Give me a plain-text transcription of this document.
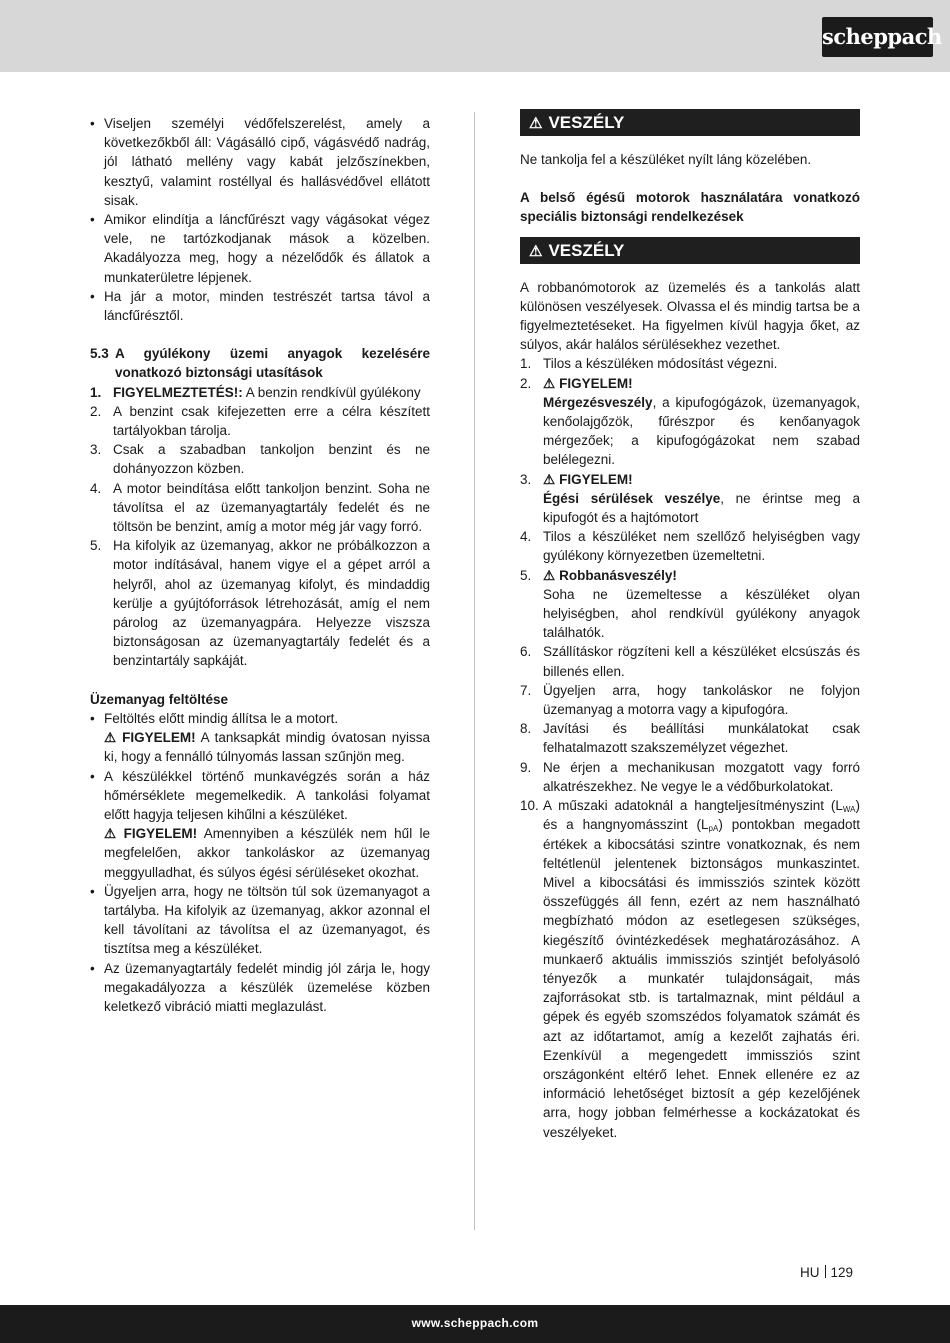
scheppach
• Viseljen személyi védőfelszerelést, amely a következőkből áll: Vágásálló cipő, vágásvédő nadrág, jól látható mellény vagy kabát jelzőszínekben, kesztyű, valamint rostéllyal és hallásvédővel ellátott sisak.
• Amikor elindítja a láncfűrészt vagy vágásokat végez vele, ne tartózkodjanak mások a közelben. Akadályozza meg, hogy a nézelődők és állatok a munkaterületre lépjenek.
• Ha jár a motor, minden testrészét tartsa távol a láncfűrésztől.
5.3 A gyúlékony üzemi anyagok kezelésére vonatkozó biztonsági utasítások
1. FIGYELMEZTETÉS!: A benzin rendkívül gyúlékony
2. A benzint csak kifejezetten erre a célra készített tartályokban tárolja.
3. Csak a szabadban tankoljon benzint és ne dohányozzon közben.
4. A motor beindítása előtt tankoljon benzint. Soha ne távolítsa el az üzemanyagtartály fedelét és ne töltsön be benzint, amíg a motor még jár vagy forró.
5. Ha kifolyik az üzemanyag, akkor ne próbálkozzon a motor indításával, hanem vigye el a gépet arról a helyről, ahol az üzemanyag kifolyt, és mindaddig kerülje a gyújtóforrások létrehozását, amíg el nem párolog az üzemanyagpára. Helyezze viszsza biztonságosan az üzemanyagtartály fedelét és a benzintartály sapkáját.

Üzemanyag feltöltése

• Feltöltés előtt mindig állítsa le a motort.
⚠ FIGYELEM! A tanksapkát mindig óvatosan nyissa ki, hogy a fennálló túlnyomás lassan szűnjön meg.
• A készülékkel történő munkavégzés során a ház hőmérséklete megemelkedik. A tankolási folyamat előtt hagyja teljesen kihűlni a készüléket.
⚠ FIGYELEM! Amennyiben a készülék nem hűl le megfelelően, akkor tankoláskor az üzemanyag meggyulladhat, és súlyos égési sérüléseket okozhat.
• Ügyeljen arra, hogy ne töltsön túl sok üzemanyagot a tartályba. Ha kifolyik az üzemanyag, akkor azonnal el kell távolítani az távolítsa el az üzemanyagot, és tisztítsa meg a készüléket.
• Az üzemanyagtartály fedelét mindig jól zárja le, hogy megakadályozza a készülék üzemelése közben keletkező vibráció miatti meglazulást.
⚠ VESZÉLY

Ne tankolja fel a készüléket nyílt láng közelében.

A belső égésű motorok használatára vonatkozó speciális biztonsági rendelkezések

⚠ VESZÉLY

A robbanómotorok az üzemelés és a tankolás alatt különösen veszélyesek. Olvassa el és mindig tartsa be a figyelmeztetéseket. Ha figyelmen kívül hagyja őket, az súlyos, akár halálos sérülésekhez vezethet.

1. Tilos a készüléken módosítást végezni.
2. ⚠ FIGYELEM!
Mérgezésveszély, a kipufogógázok, üzemanyagok, kenőolajgőzök, fűrészpor és kenőanyagok mérgezőek; a kipufogógázokat nem szabad belélegezni.
3. ⚠ FIGYELEM!
Égési sérülések veszélye, ne érintse meg a kipufogót és a hajtómotort
4. Tilos a készüléket nem szellőző helyiségben vagy gyúlékony környezetben üzemeltetni.
5. ⚠ Robbanásveszély!
Soha ne üzemeltesse a készüléket olyan helyiségben, ahol rendkívül gyúlékony anyagok találhatók.
6. Szállításkor rögzíteni kell a készüléket elcsúszás és billenés ellen.
7. Ügyeljen arra, hogy tankoláskor ne folyjon üzemanyag a motorra vagy a kipufogóra.
8. Javítási és beállítási munkálatokat csak felhatalmazott szakszemélyzet végezhet.
9. Ne érjen a mechanikusan mozgatott vagy forró alkatrészekhez. Ne vegye le a védőburkolatokat.
10. A műszaki adatoknál a hangteljesítményszint $(L_{WA})$ és a hangnyomásszint $(L_{pA})$ pontokban megadott értékek a kibocsátási szintre vonatkoznak, és nem feltétlenül jelentenek biztonságos munkaszintet. Mivel a kibocsátási és immissziós szintek között összefüggés áll fenn, ezért az nem használható megbízható módon az esetlegesen szükséges, kiegészítő óvintézkedések meghatározásához. A munkaerő aktuális immissziós szintjét befolyásoló tényezők a munkatér tulajdonságait, más zajforrásokat stb. is tartalmaznak, mint például a gépek és egyéb szomszédos folyamatok számát és azt az időtartamot, amíg a kezelőt zajhatás éri. Ezenkívül a megengedett immissziós szint országonként eltérő lehet. Ennek ellenére ez az információ lehetőséget biztosít a gép kezelőjének arra, hogy jobban felmérhesse a kockázatokat és veszélyeket.
HU 129
www.scheppach.com
